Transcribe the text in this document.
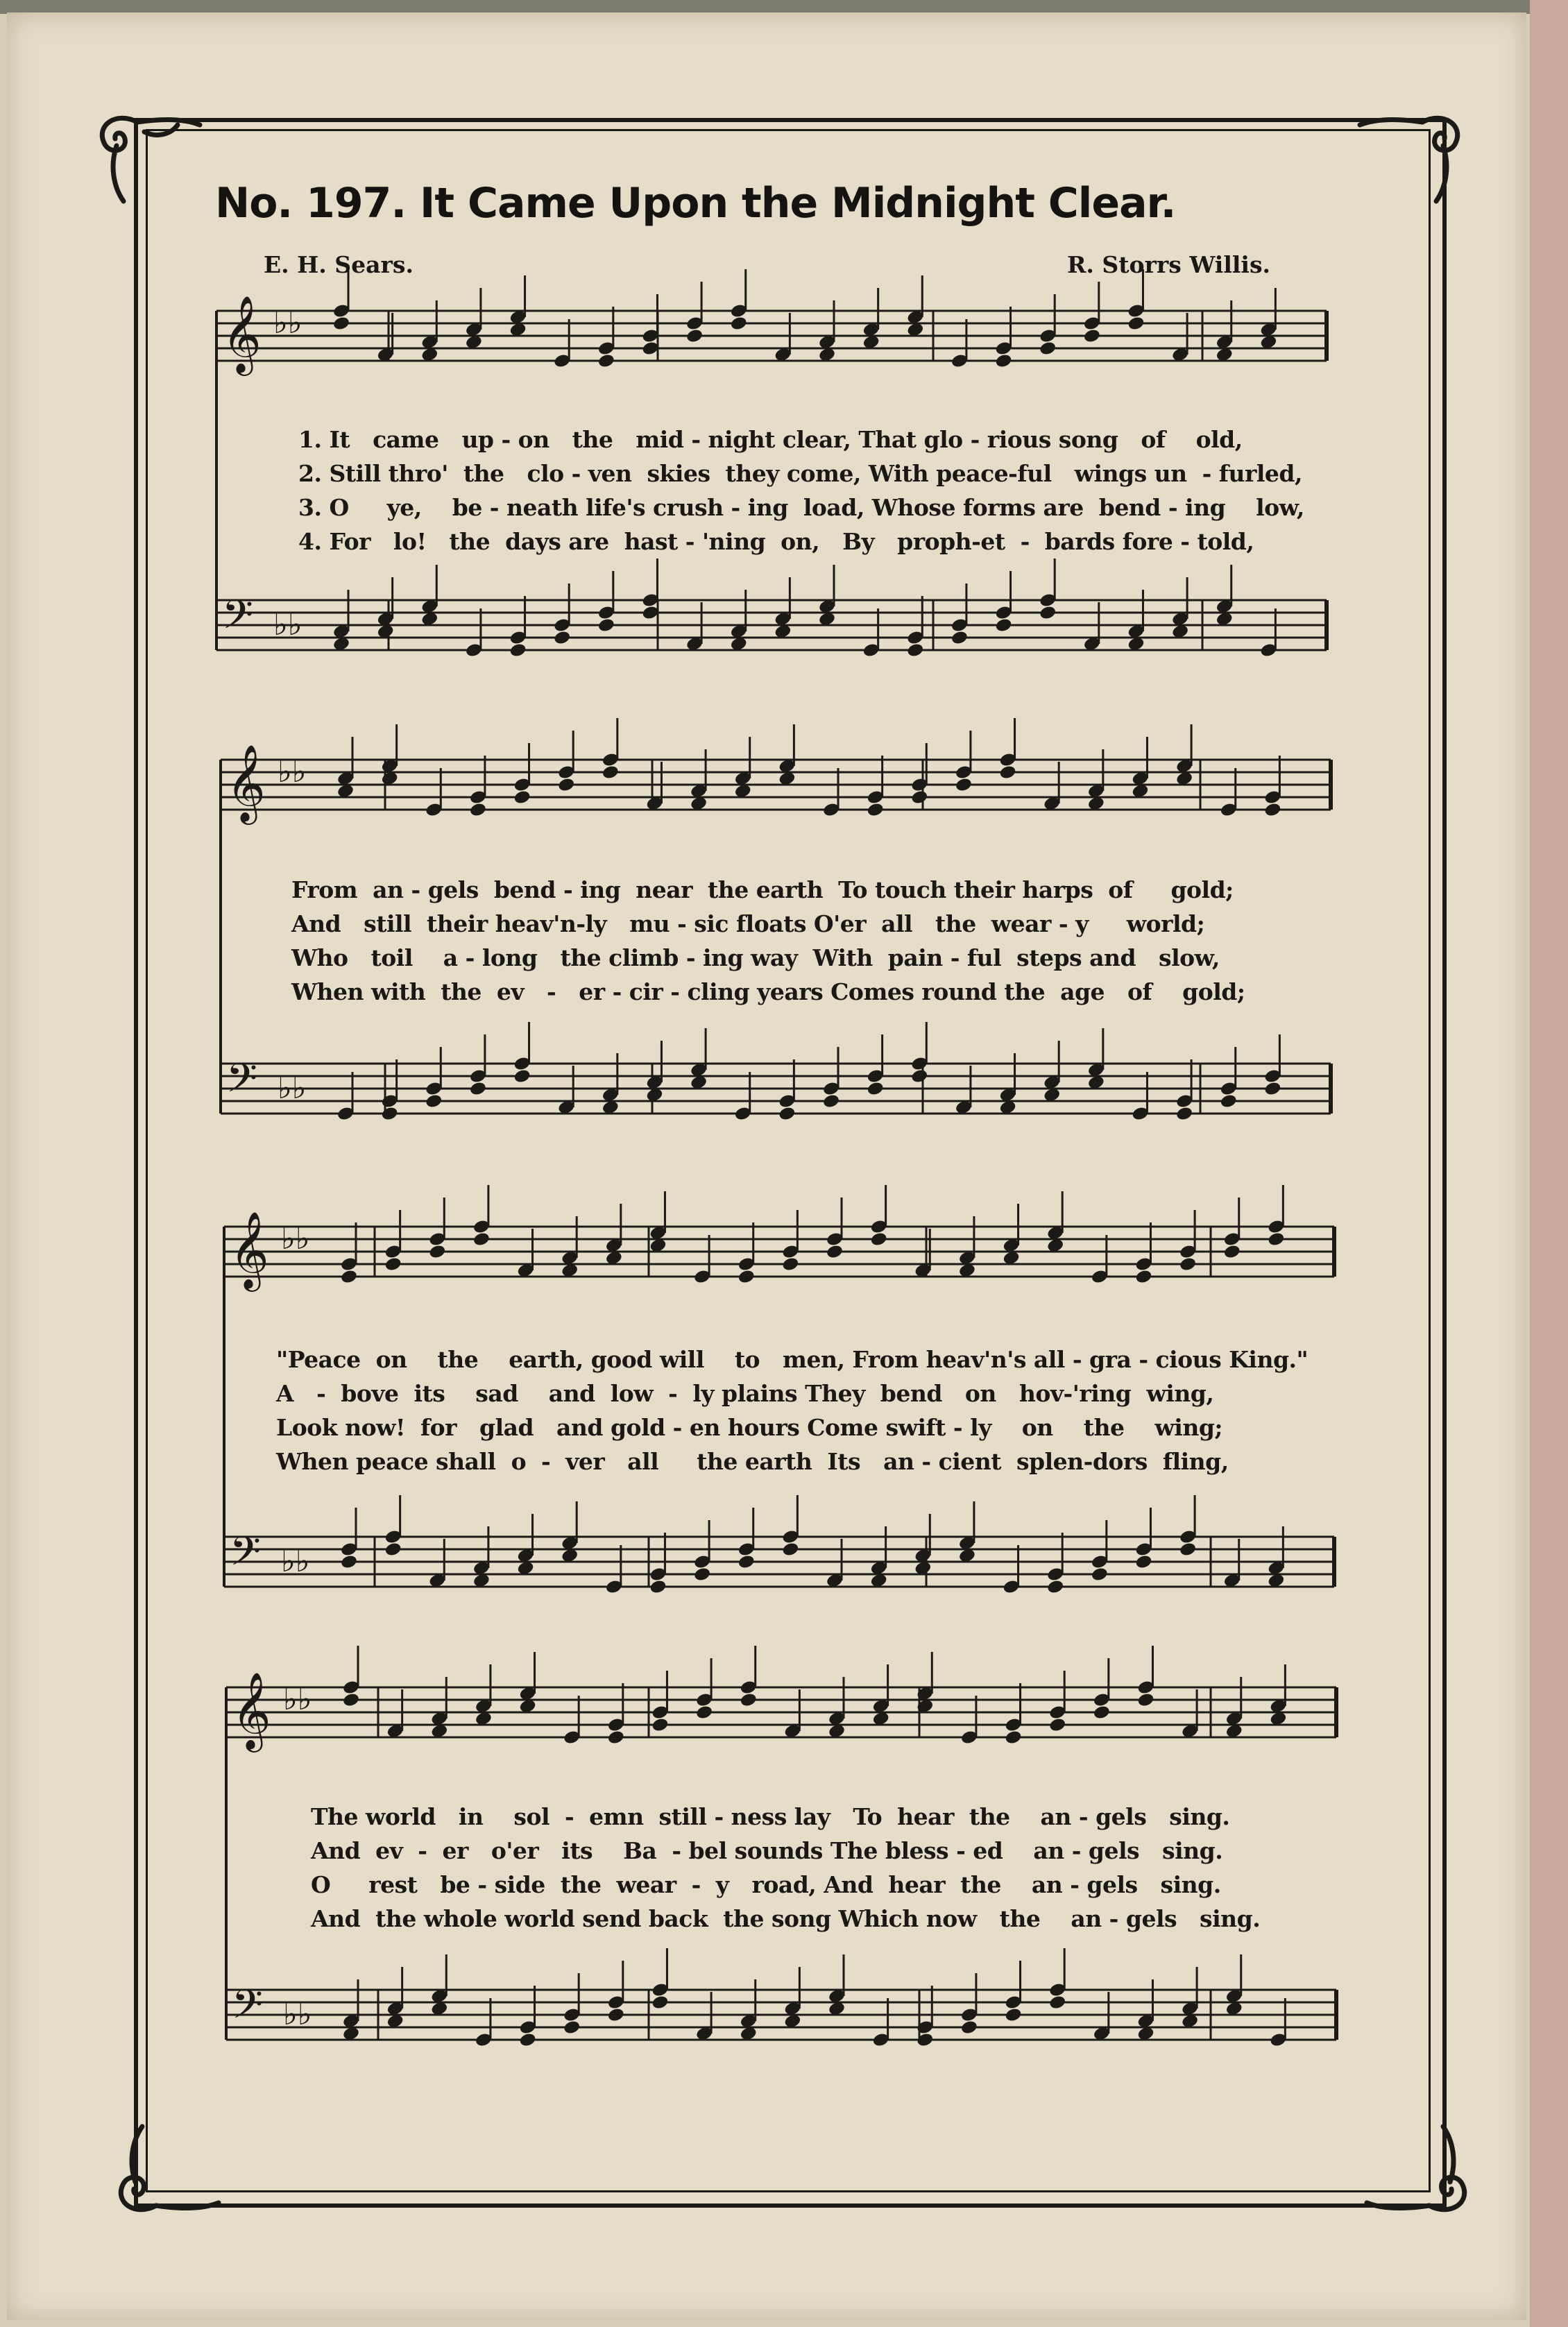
No. 197. It Came Upon the Midnight Clear.
E. H. Sears.	R. Storrs Willis.
𝄞 ♭♭
𝄢 ♭♭
𝄞 ♭♭
𝄢 ♭♭
𝄞 ♭♭
𝄢 ♭♭
𝄞 ♭♭
𝄢 ♭♭
1. It   came   up - on   the   mid - night clear, That glo - rious song   of    old,
2. Still thro'  the   clo - ven  skies  they come, With peace-ful   wings un  - furled,
3. O     ye,    be - neath life's crush - ing  load, Whose forms are  bend - ing    low,
4. For   lo!   the  days are  hast - 'ning  on,   By   proph-et  -  bards fore - told,
From  an - gels  bend - ing  near  the earth  To touch their harps  of     gold;
And   still  their heav'n-ly   mu - sic floats O'er  all   the  wear - y     world;
Who   toil    a - long   the climb - ing way  With  pain - ful  steps and   slow,
When with  the  ev   -   er - cir - cling years Comes round the  age   of    gold;
"Peace  on    the    earth, good will    to   men, From heav'n's all - gra - cious King."
A   -  bove  its    sad    and  low  -  ly plains They  bend   on   hov-'ring  wing,
Look now!  for   glad   and gold - en hours Come swift - ly    on    the    wing;
When peace shall  o  -  ver   all     the earth  Its   an - cient  splen-dors  fling,
The world   in    sol  -  emn  still - ness lay   To  hear  the    an - gels   sing.
And  ev  -  er   o'er   its    Ba  - bel sounds The bless - ed    an - gels   sing.
O     rest   be - side  the  wear  -  y   road, And  hear  the    an - gels   sing.
And  the whole world send back  the song Which now   the    an - gels   sing.
